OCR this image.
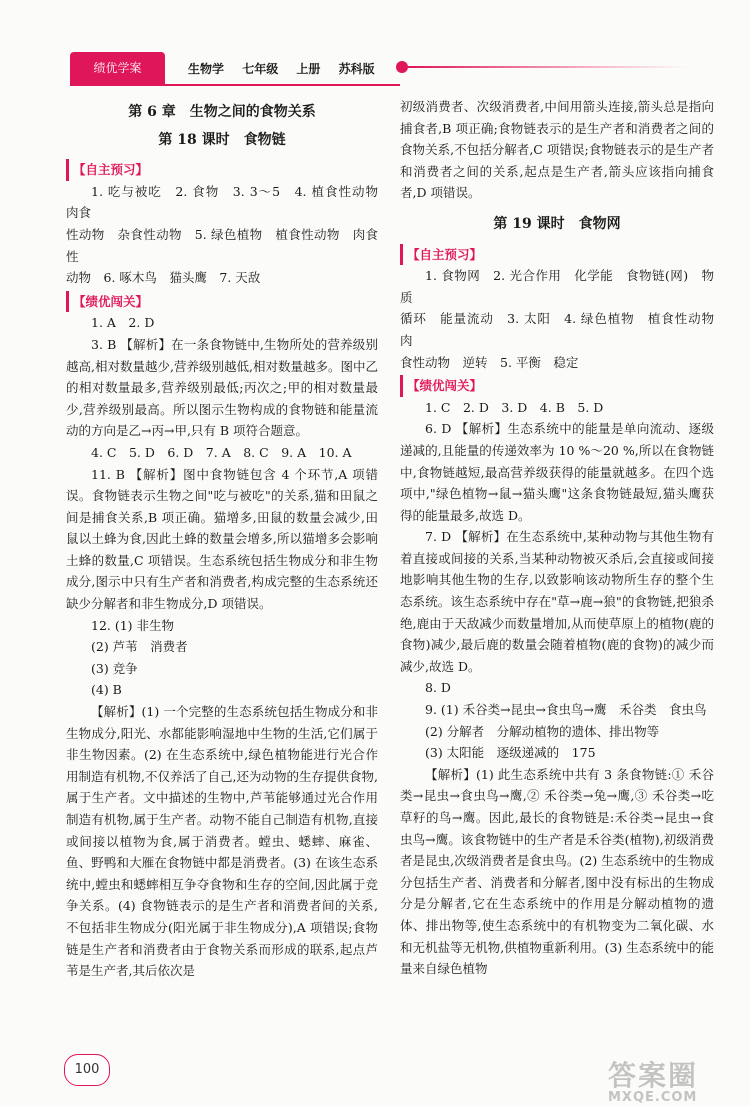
绩优学案	生物学 七年级 上册 苏科版
第 6 章　生物之间的食物关系
第 18 课时　食物链
【自主预习】

1. 吃与被吃　2. 食物　3. 3～5　4. 植食性动物　肉食

性动物　杂食性动物　5. 绿色植物　植食性动物　肉食性

动物　6. 啄木鸟　猫头鹰　7. 天敌

【绩优闯关】

1. A　2. D

3. B 【解析】在一条食物链中,生物所处的营养级别越高,相对数量越少,营养级别越低,相对数量越多。图中乙的相对数量最多,营养级别最低;丙次之;甲的相对数量最少,营养级别最高。所以图示生物构成的食物链和能量流动的方向是乙→丙→甲,只有 B 项符合题意。

4. C　5. D　6. D　7. A　8. C　9. A　10. A

11. B 【解析】图中食物链包含 4 个环节,A 项错误。食物链表示生物之间"吃与被吃"的关系,猫和田鼠之间是捕食关系,B 项正确。猫增多,田鼠的数量会减少,田鼠以土蜂为食,因此土蜂的数量会增多,所以猫增多会影响土蜂的数量,C 项错误。生态系统包括生物成分和非生物成分,图示中只有生产者和消费者,构成完整的生态系统还缺少分解者和非生物成分,D 项错误。

12. (1) 非生物

(2) 芦苇　消费者

(3) 竞争

(4) B

【解析】(1) 一个完整的生态系统包括生物成分和非生物成分,阳光、水都能影响湿地中生物的生活,它们属于非生物因素。(2) 在生态系统中,绿色植物能进行光合作用制造有机物,不仅养活了自己,还为动物的生存提供食物,属于生产者。文中描述的生物中,芦苇能够通过光合作用制造有机物,属于生产者。动物不能自己制造有机物,直接或间接以植物为食,属于消费者。螳虫、蟋蟀、麻雀、鱼、野鸭和大雁在食物链中都是消费者。(3) 在该生态系统中,螳虫和蟋蟀相互争夺食物和生存的空间,因此属于竞争关系。(4) 食物链表示的是生产者和消费者间的关系,不包括非生物成分(阳光属于非生物成分),A 项错误;食物链是生产者和消费者由于食物关系而形成的联系,起点芦苇是生产者,其后依次是

初级消费者、次级消费者,中间用箭头连接,箭头总是指向捕食者,B 项正确;食物链表示的是生产者和消费者之间的食物关系,不包括分解者,C 项错误;食物链表示的是生产者和消费者之间的关系,起点是生产者,箭头应该指向捕食者,D 项错误。

第 19 课时　食物网
【自主预习】

1. 食物网　2. 光合作用　化学能　食物链(网)　物质

循环　能量流动　3. 太阳　4. 绿色植物　植食性动物　肉

食性动物　逆转　5. 平衡　稳定

【绩优闯关】

1. C　2. D　3. D　4. B　5. D

6. D 【解析】生态系统中的能量是单向流动、逐级递减的,且能量的传递效率为 10 %～20 %,所以在食物链中,食物链越短,最高营养级获得的能量就越多。在四个选项中,"绿色植物→鼠→猫头鹰"这条食物链最短,猫头鹰获得的能量最多,故选 D。

7. D 【解析】在生态系统中,某种动物与其他生物有着直接或间接的关系,当某种动物被灭杀后,会直接或间接地影响其他生物的生存,以致影响该动物所生存的整个生态系统。该生态系统中存在"草→鹿→狼"的食物链,把狼杀绝,鹿由于天敌减少而数量增加,从而使草原上的植物(鹿的食物)减少,最后鹿的数量会随着植物(鹿的食物)的减少而减少,故选 D。

8. D

9. (1) 禾谷类→昆虫→食虫鸟→鹰　禾谷类　食虫鸟

(2) 分解者　分解动植物的遗体、排出物等

(3) 太阳能　逐级递减的　175

【解析】(1) 此生态系统中共有 3 条食物链:① 禾谷类→昆虫→食虫鸟→鹰,② 禾谷类→兔→鹰,③ 禾谷类→吃草籽的鸟→鹰。因此,最长的食物链是:禾谷类→昆虫→食虫鸟→鹰。该食物链中的生产者是禾谷类(植物),初级消费者是昆虫,次级消费者是食虫鸟。(2) 生态系统中的生物成分包括生产者、消费者和分解者,图中没有标出的生物成分是分解者,它在生态系统中的作用是分解动植物的遗体、排出物等,使生态系统中的有机物变为二氧化碳、水和无机盐等无机物,供植物重新利用。(3) 生态系统中的能量来自绿色植物

100	答案圈
MXQE.COM
